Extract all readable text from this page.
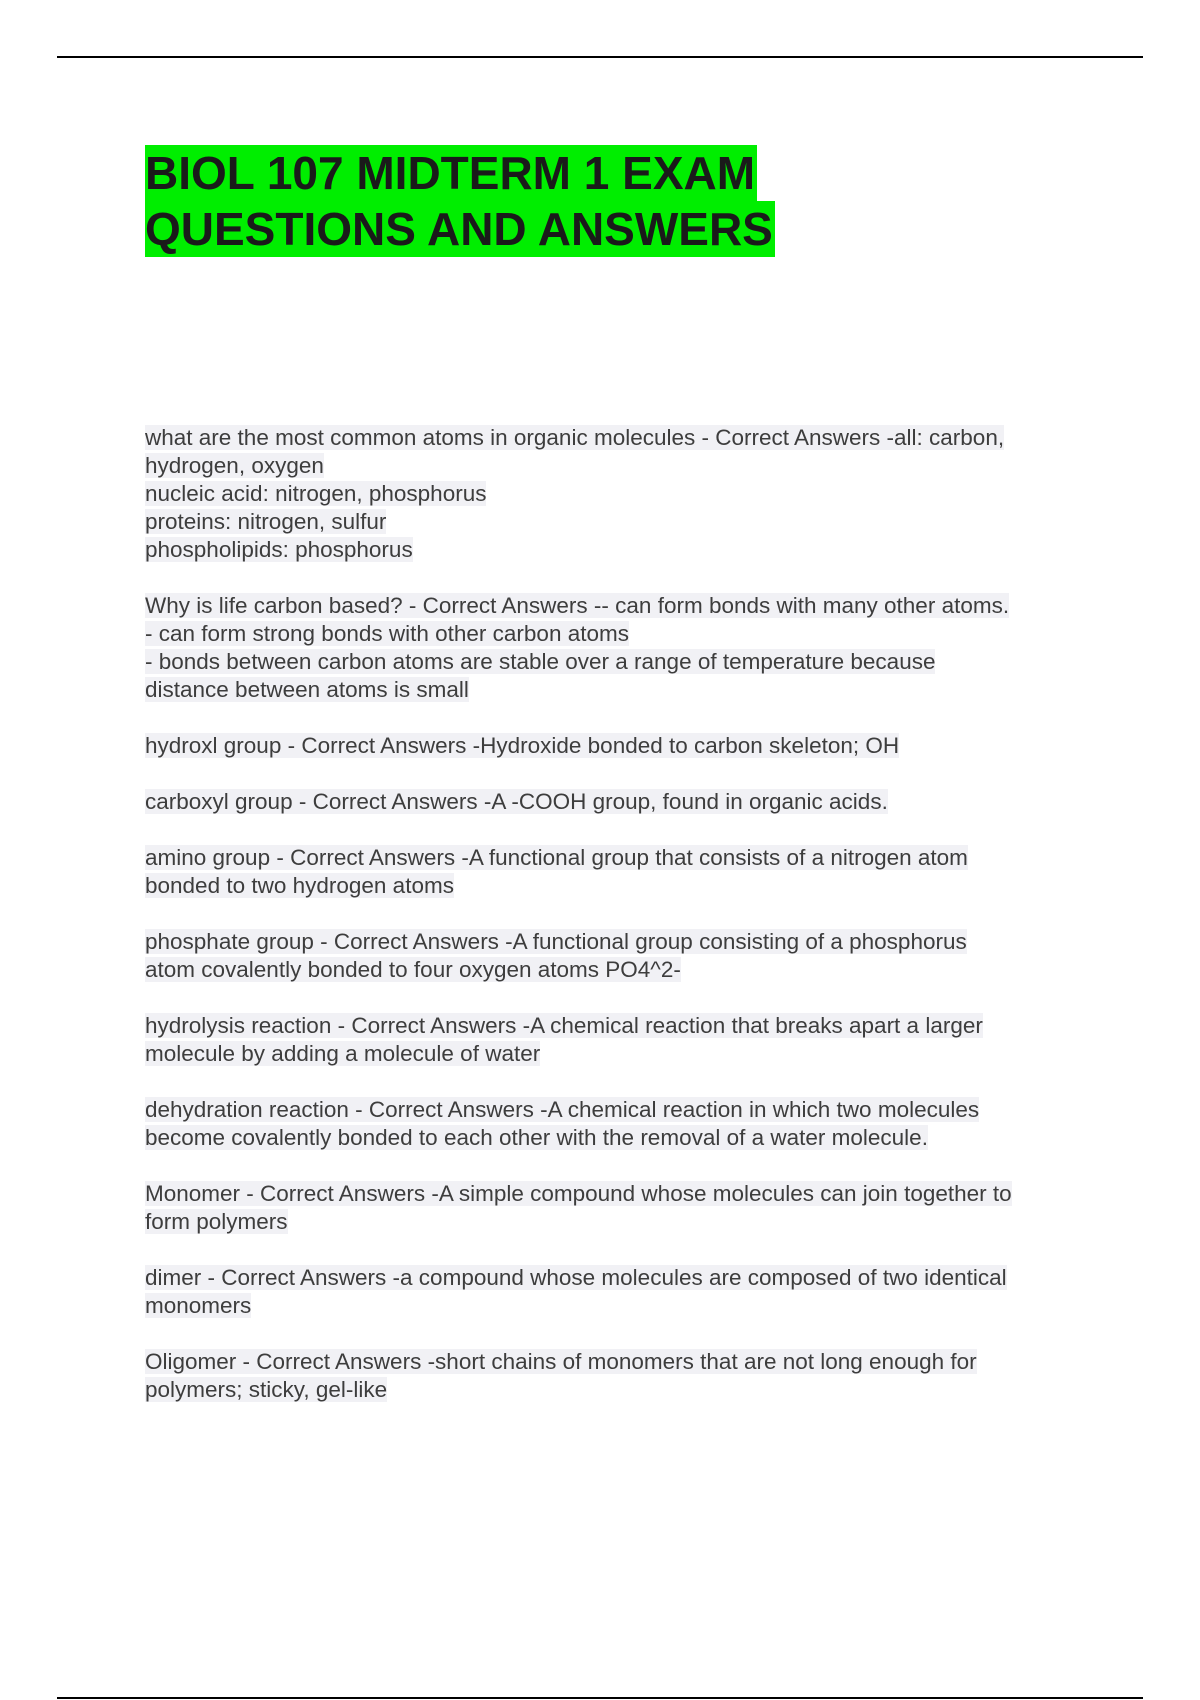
BIOL 107 MIDTERM 1 EXAM
QUESTIONS AND ANSWERS
what are the most common atoms in organic molecules - Correct Answers -all: carbon,
hydrogen, oxygen
nucleic acid: nitrogen, phosphorus
proteins: nitrogen, sulfur
phospholipids: phosphorus
Why is life carbon based? - Correct Answers -- can form bonds with many other atoms.
- can form strong bonds with other carbon atoms
- bonds between carbon atoms are stable over a range of temperature because
distance between atoms is small
hydroxl group - Correct Answers -Hydroxide bonded to carbon skeleton; OH
carboxyl group - Correct Answers -A -COOH group, found in organic acids.
amino group - Correct Answers -A functional group that consists of a nitrogen atom
bonded to two hydrogen atoms
phosphate group - Correct Answers -A functional group consisting of a phosphorus
atom covalently bonded to four oxygen atoms PO4^2-
hydrolysis reaction - Correct Answers -A chemical reaction that breaks apart a larger
molecule by adding a molecule of water
dehydration reaction - Correct Answers -A chemical reaction in which two molecules
become covalently bonded to each other with the removal of a water molecule.
Monomer - Correct Answers -A simple compound whose molecules can join together to
form polymers
dimer - Correct Answers -a compound whose molecules are composed of two identical
monomers
Oligomer - Correct Answers -short chains of monomers that are not long enough for
polymers; sticky, gel-like
